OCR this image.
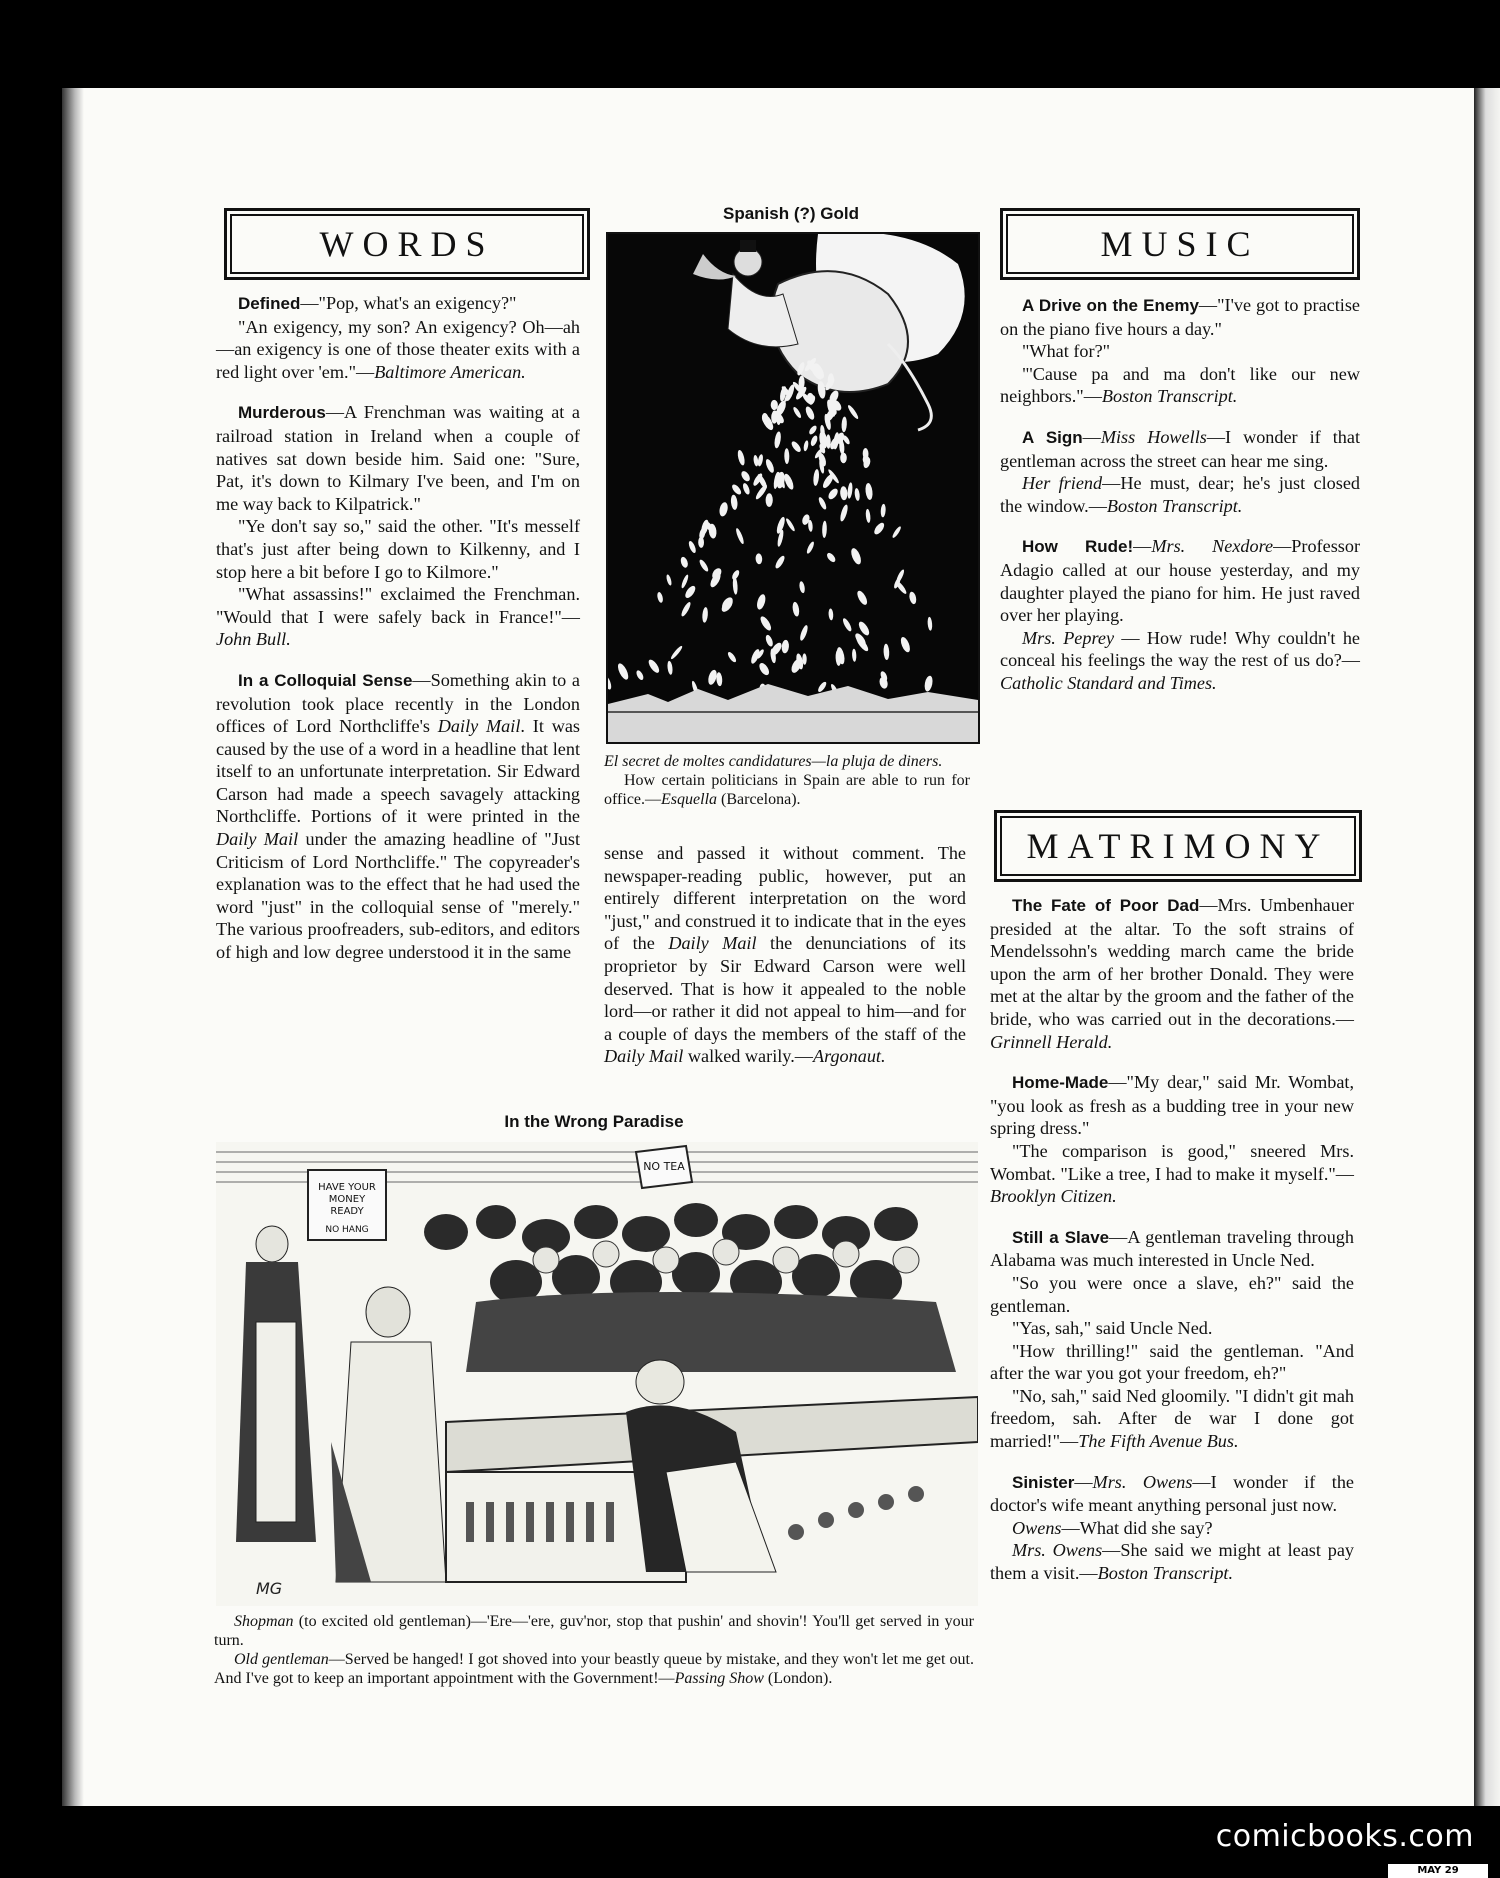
WORDS

Defined—"Pop, what's an exigency?"

"An exigency, my son? An exigency? Oh—ah—an exigency is one of those theater exits with a red light over 'em."—Baltimore American.

Murderous—A Frenchman was waiting at a railroad station in Ireland when a couple of natives sat down beside him. Said one: "Sure, Pat, it's down to Kilmary I've been, and I'm on me way back to Kilpatrick."

"Ye don't say so," said the other. "It's mesself that's just after being down to Kilkenny, and I stop here a bit before I go to Kilmore."

"What assassins!" exclaimed the Frenchman. "Would that I were safely back in France!"—John Bull.

In a Colloquial Sense—Something akin to a revolution took place recently in the London offices of Lord Northcliffe's Daily Mail. It was caused by the use of a word in a headline that lent itself to an unfortunate interpretation. Sir Edward Carson had made a speech savagely attacking Northcliffe. Portions of it were printed in the Daily Mail under the amazing headline of "Just Criticism of Lord Northcliffe." The copyreader's explanation was to the effect that he had used the word "just" in the colloquial sense of "merely." The various proofreaders, sub-editors, and editors of high and low degree understood it in the same

Spanish (?) Gold

El secret de moltes candidatures—la pluja de diners.

How certain politicians in Spain are able to run for office.—Esquella (Barcelona).

sense and passed it without comment. The newspaper-reading public, however, put an entirely different interpretation on the word "just," and construed it to indicate that in the eyes of the Daily Mail the denunciations of its proprietor by Sir Edward Carson were well deserved. That is how it appealed to the noble lord—or rather it did not appeal to him—and for a couple of days the members of the staff of the Daily Mail walked warily.—Argonaut.

MUSIC

A Drive on the Enemy—"I've got to practise on the piano five hours a day."

"What for?"

"'Cause pa and ma don't like our new neighbors."—Boston Transcript.

A Sign—Miss Howells—I wonder if that gentleman across the street can hear me sing.

Her friend—He must, dear; he's just closed the window.—Boston Transcript.

How Rude!—Mrs. Nexdore—Professor Adagio called at our house yesterday, and my daughter played the piano for him. He just raved over her playing.

Mrs. Peprey — How rude! Why couldn't he conceal his feelings the way the rest of us do?—Catholic Standard and Times.

MATRIMONY

The Fate of Poor Dad—Mrs. Umbenhauer presided at the altar. To the soft strains of Mendelssohn's wedding march came the bride upon the arm of her brother Donald. They were met at the altar by the groom and the father of the bride, who was carried out in the decorations.—Grinnell Herald.

Home-Made—"My dear," said Mr. Wombat, "you look as fresh as a budding tree in your new spring dress."

"The comparison is good," sneered Mrs. Wombat. "Like a tree, I had to make it myself."—Brooklyn Citizen.

Still a Slave—A gentleman traveling through Alabama was much interested in Uncle Ned.

"So you were once a slave, eh?" said the gentleman.

"Yas, sah," said Uncle Ned.

"How thrilling!" said the gentleman. "And after the war you got your freedom, eh?"

"No, sah," said Ned gloomily. "I didn't git mah freedom, sah. After de war I done got married!"—The Fifth Avenue Bus.

Sinister—Mrs. Owens—I wonder if the doctor's wife meant anything personal just now.

Owens—What did she say?

Mrs. Owens—She said we might at least pay them a visit.—Boston Transcript.

In the Wrong Paradise
HAVE YOUR MONEY READY
NO HANG
NO TEA
MG

Shopman (to excited old gentleman)—'Ere—'ere, guv'nor, stop that pushin' and shovin'! You'll get served in your turn.

Old gentleman—Served be hanged! I got shoved into your beastly queue by mistake, and they won't let me get out. And I've got to keep an important appointment with the Government!—Passing Show (London).

comicbooks.com
MAY 29
